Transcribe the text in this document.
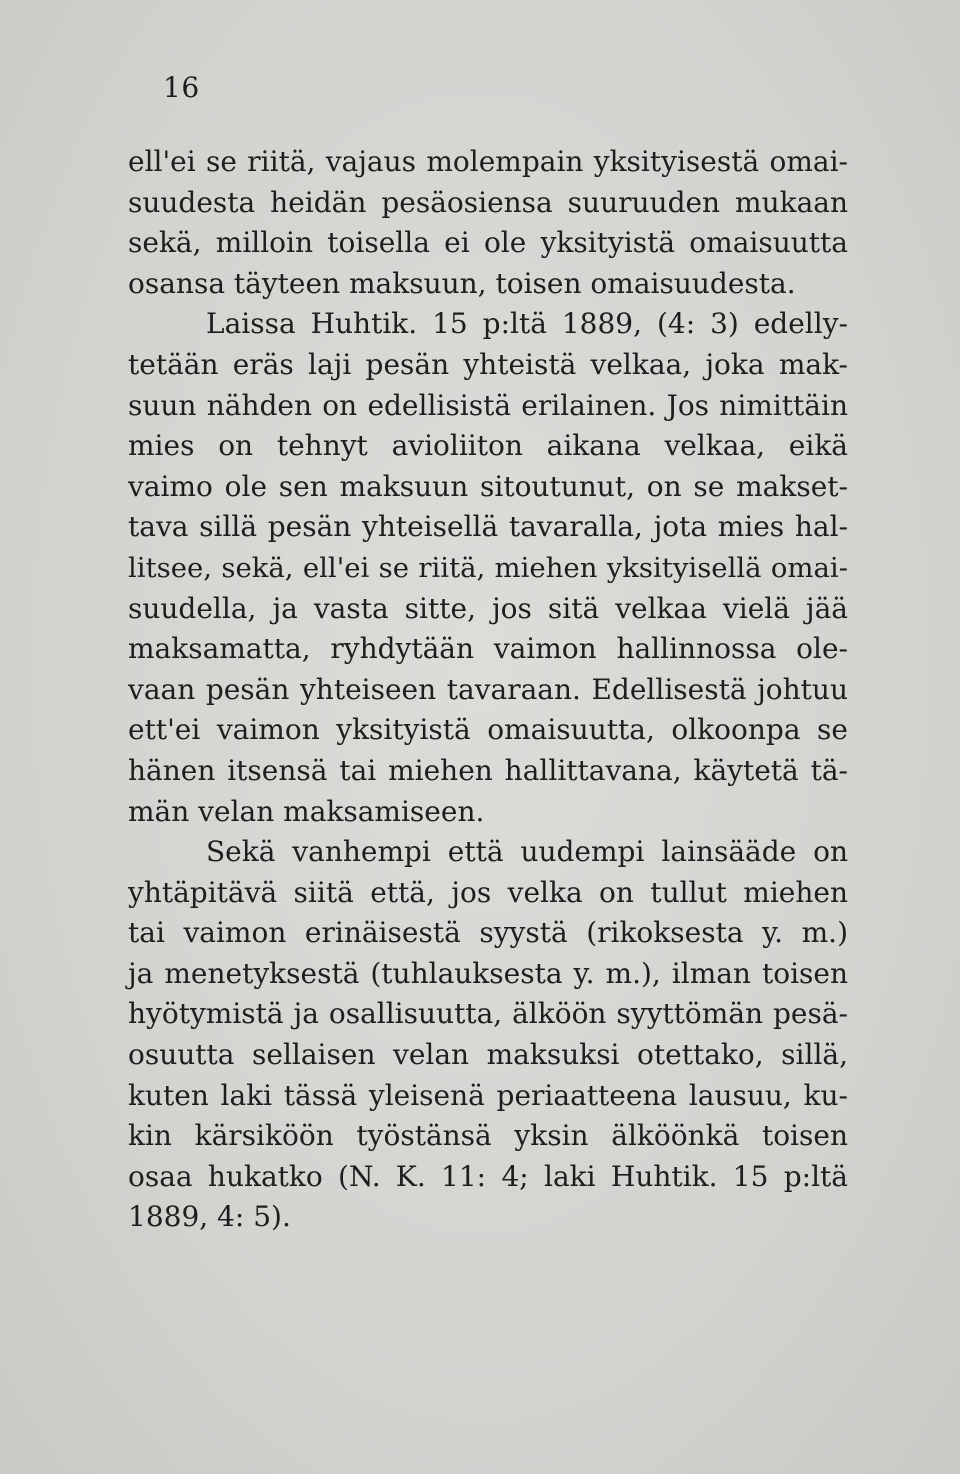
16
ell'ei se riitä, vajaus molempain yksityisestä omai-
suudesta heidän pesäosiensa suuruuden mukaan
sekä, milloin toisella ei ole yksityistä omaisuutta
osansa täyteen maksuun, toisen omaisuudesta.
Laissa Huhtik. 15 p:ltä 1889, (4: 3) edelly-
tetään eräs laji pesän yhteistä velkaa, joka mak-
suun nähden on edellisistä erilainen. Jos nimittäin
mies on tehnyt avioliiton aikana velkaa, eikä
vaimo ole sen maksuun sitoutunut, on se makset-
tava sillä pesän yhteisellä tavaralla, jota mies hal-
litsee, sekä, ell'ei se riitä, miehen yksityisellä omai-
suudella, ja vasta sitte, jos sitä velkaa vielä jää
maksamatta, ryhdytään vaimon hallinnossa ole-
vaan pesän yhteiseen tavaraan. Edellisestä johtuu
ett'ei vaimon yksityistä omaisuutta, olkoonpa se
hänen itsensä tai miehen hallittavana, käytetä tä-
män velan maksamiseen.
Sekä vanhempi että uudempi lainsääde on
yhtäpitävä siitä että, jos velka on tullut miehen
tai vaimon erinäisestä syystä (rikoksesta y. m.)
ja menetyksestä (tuhlauksesta y. m.), ilman toisen
hyötymistä ja osallisuutta, älköön syyttömän pesä-
osuutta sellaisen velan maksuksi otettako, sillä,
kuten laki tässä yleisenä periaatteena lausuu, ku-
kin kärsiköön työstänsä yksin älköönkä toisen
osaa hukatko (N. K. 11: 4; laki Huhtik. 15 p:ltä
1889, 4: 5).
